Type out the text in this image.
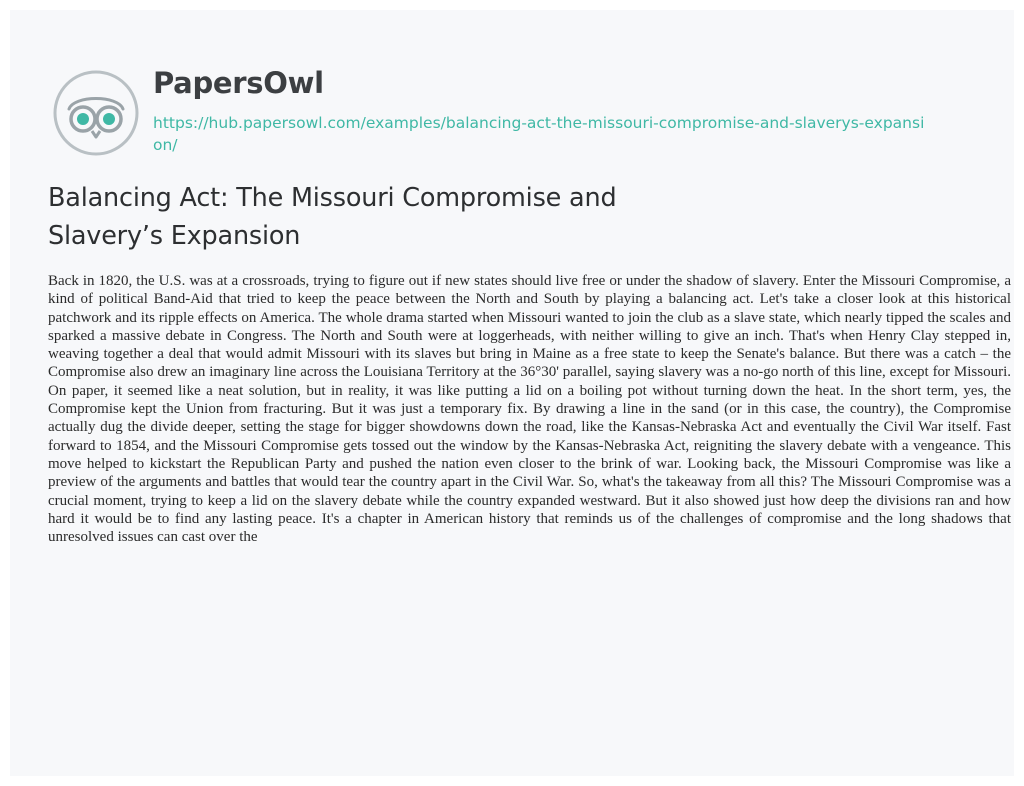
PapersOwl
https://hub.papersowl.com/examples/balancing-act-the-missouri-compromise-and-slaverys-expansion/
Balancing Act: The Missouri Compromise and Slavery’s Expansion

Back in 1820, the U.S. was at a crossroads, trying to figure out if new states should live free or under the shadow of slavery. Enter the Missouri Compromise, a kind of political Band-Aid that tried to keep the peace between the North and South by playing a balancing act. Let's take a closer look at this historical patchwork and its ripple effects on America. The whole drama started when Missouri wanted to join the club as a slave state, which nearly tipped the scales and sparked a massive debate in Congress. The North and South were at loggerheads, with neither willing to give an inch. That's when Henry Clay stepped in, weaving together a deal that would admit Missouri with its slaves but bring in Maine as a free state to keep the Senate's balance. But there was a catch – the Compromise also drew an imaginary line across the Louisiana Territory at the 36°30' parallel, saying slavery was a no-go north of this line, except for Missouri. On paper, it seemed like a neat solution, but in reality, it was like putting a lid on a boiling pot without turning down the heat. In the short term, yes, the Compromise kept the Union from fracturing. But it was just a temporary fix. By drawing a line in the sand (or in this case, the country), the Compromise actually dug the divide deeper, setting the stage for bigger showdowns down the road, like the Kansas-Nebraska Act and eventually the Civil War itself. Fast forward to 1854, and the Missouri Compromise gets tossed out the window by the Kansas-Nebraska Act, reigniting the slavery debate with a vengeance. This move helped to kickstart the Republican Party and pushed the nation even closer to the brink of war. Looking back, the Missouri Compromise was like a preview of the arguments and battles that would tear the country apart in the Civil War. So, what's the takeaway from all this? The Missouri Compromise was a crucial moment, trying to keep a lid on the slavery debate while the country expanded westward. But it also showed just how deep the divisions ran and how hard it would be to find any lasting peace. It's a chapter in American history that reminds us of the challenges of compromise and the long shadows that unresolved issues can cast over the
